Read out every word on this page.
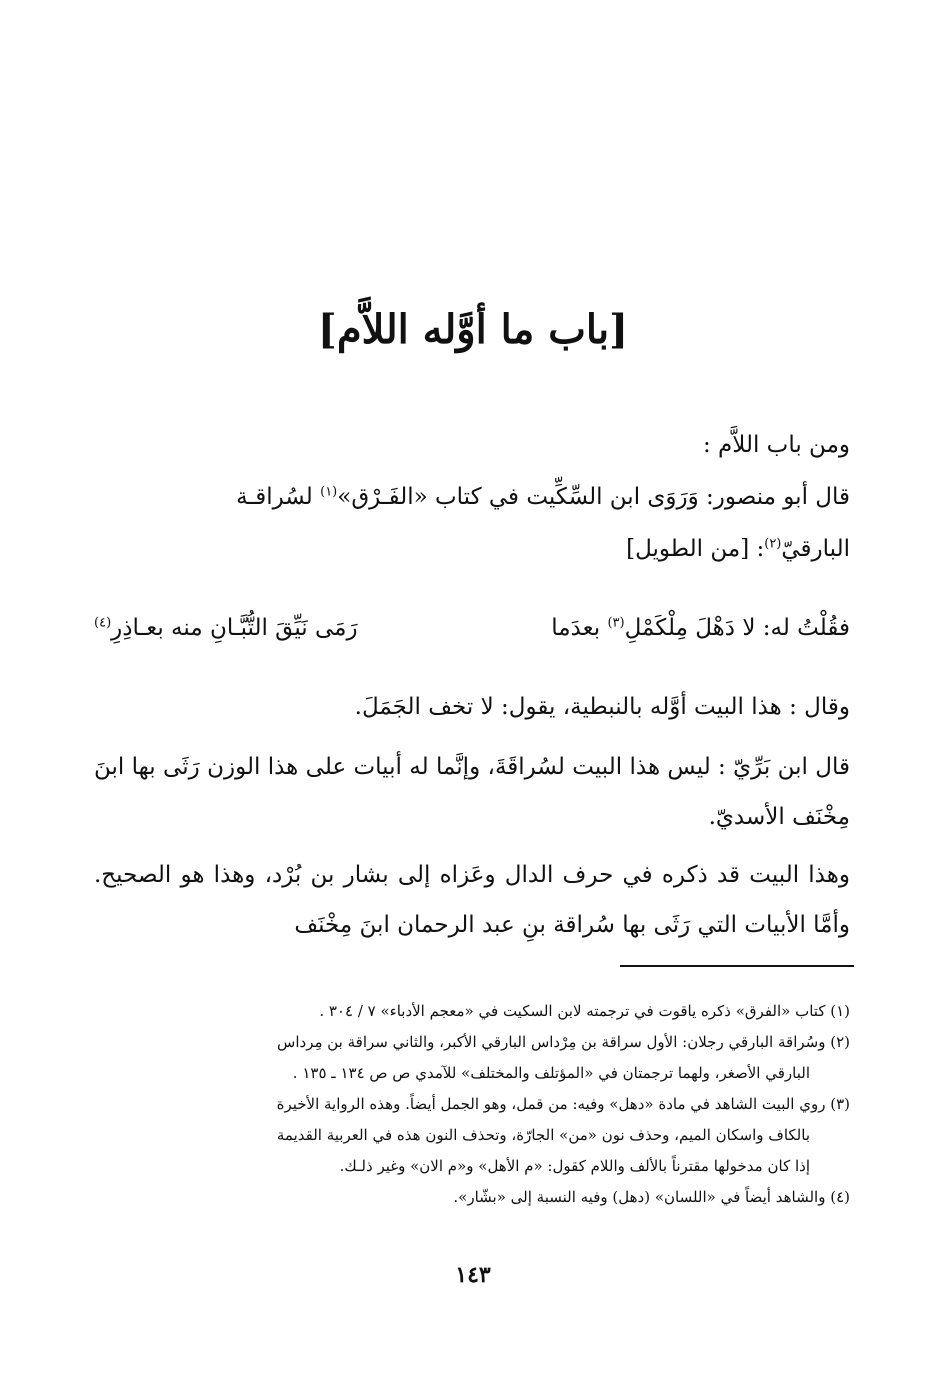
[باب ما أوَّله اللاَّم]
ومن باب اللاَّم :
قال أبو منصور: وَرَوَى ابن السِّكِّيت في كتاب «الفَـرْق»$^{(١)}$ لسُراقـة
البارقيّ$^{(٢)}$: [من الطويل]
فقُلْتُ له: لا دَهْلَ مِلْكَمْلِ$^{(٣)}$ بعدَما
رَمَى نَيِّقَ التُّبَّـانِ منه بعـاذِرِ$^{(٤)}$
وقال : هذا البيت أوَّله بالنبطية، يقول: لا تخف الجَمَلَ.
قال ابن بَرِّيّ : ليس هذا البيت لسُراقَةَ، وإنَّما له أبيات على هذا الوزن رَثَى بها ابنَ مِخْنَف الأسديّ.
وهذا البيت قد ذكره في حرف الدال وعَزاه إلى بشار بن بُرْد، وهذا هو الصحيح. وأمَّا الأبيات التي رَثَى بها سُراقة بنِ عبد الرحمان ابنَ مِخْنَف
(١) كتاب «الفرق» ذكره ياقوت في ترجمته لابن السكيت في «معجم الأدباء» ٧ / ٣٠٤ .
(٢) وسُراقة البارقي رجلان: الأول سراقة بن مِرْداس البارقي الأكبر، والثاني سراقة بن مِرداس
البارقي الأصغر، ولهما ترجمتان في «المؤتلف والمختلف» للآمدي ص ص ١٣٤ ـ ١٣٥ .
(٣) روي البيت الشاهد في مادة «دهل» وفيه: من قمل، وهو الجمل أيضاً. وهذه الرواية الأخيرة
بالكاف واسكان الميم، وحذف نون «من» الجارّة، وتحذف النون هذه في العربية القديمة
إذا كان مدخولها مقترناً بالألف واللام كقول: «م الأهل» و«م الان» وغير ذلـك.
(٤) والشاهد أيضاً في «اللسان» (دهل) وفيه النسبة إلى «بشّار».
١٤٣
